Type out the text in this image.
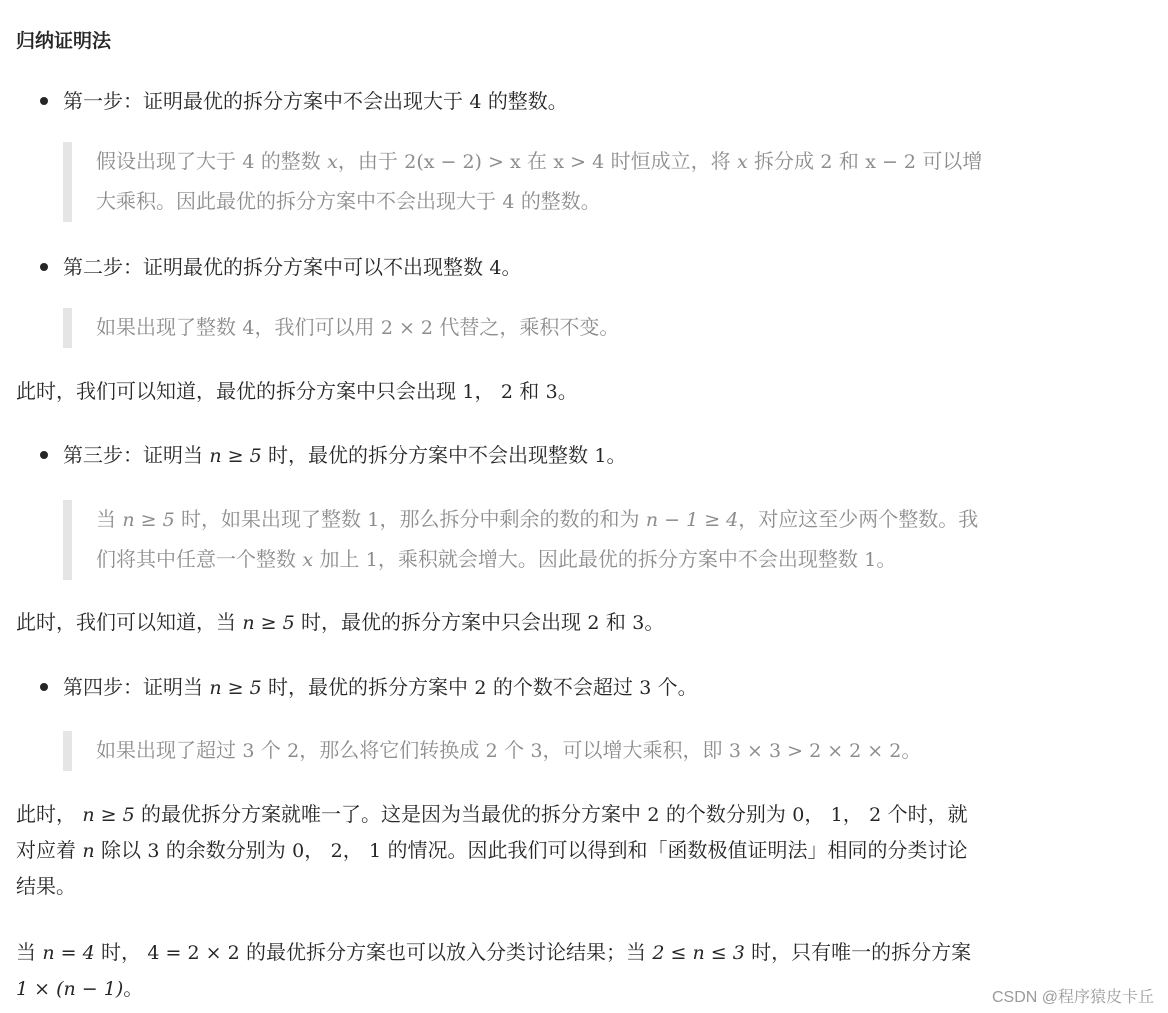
归纳证明法
第一步：证明最优的拆分方案中不会出现大于 4 的整数。
假设出现了大于 4 的整数 x，由于 2(x − 2) > x 在 x > 4 时恒成立，将 x 拆分成 2 和 x − 2 可以增
大乘积。因此最优的拆分方案中不会出现大于 4 的整数。
第二步：证明最优的拆分方案中可以不出现整数 4。
如果出现了整数 4，我们可以用 2 × 2 代替之，乘积不变。

此时，我们可以知道，最优的拆分方案中只会出现 1， 2 和 3。

第三步：证明当 n ≥ 5 时，最优的拆分方案中不会出现整数 1。
当 n ≥ 5 时，如果出现了整数 1，那么拆分中剩余的数的和为 n − 1 ≥ 4，对应这至少两个整数。我
们将其中任意一个整数 x 加上 1，乘积就会增大。因此最优的拆分方案中不会出现整数 1。

此时，我们可以知道，当 n ≥ 5 时，最优的拆分方案中只会出现 2 和 3。

第四步：证明当 n ≥ 5 时，最优的拆分方案中 2 的个数不会超过 3 个。
如果出现了超过 3 个 2，那么将它们转换成 2 个 3，可以增大乘积，即 3 × 3 > 2 × 2 × 2。

此时， n ≥ 5 的最优拆分方案就唯一了。这是因为当最优的拆分方案中 2 的个数分别为 0， 1， 2 个时，就
对应着 n 除以 3 的余数分别为 0， 2， 1 的情况。因此我们可以得到和「函数极值证明法」相同的分类讨论
结果。

当 n = 4 时， 4 = 2 × 2 的最优拆分方案也可以放入分类讨论结果；当 2 ≤ n ≤ 3 时，只有唯一的拆分方案
1 × (n − 1)。	CSDN @程序猿皮卡丘
